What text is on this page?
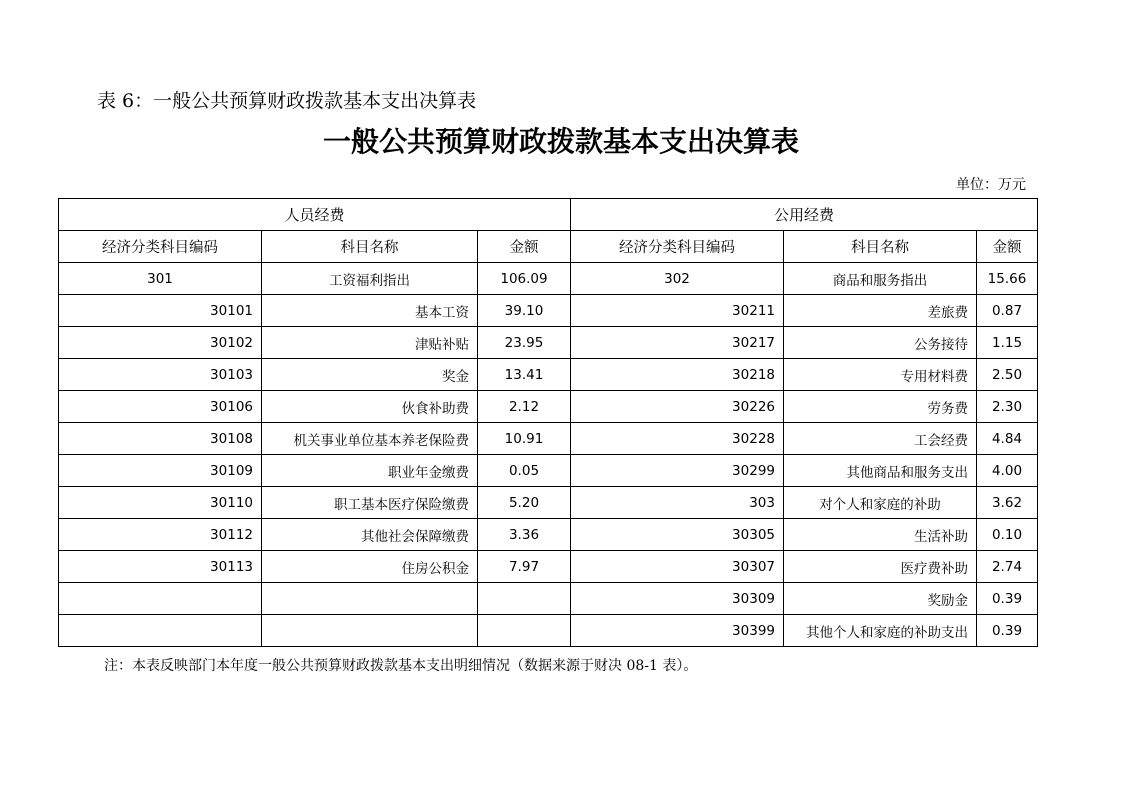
表 6：一般公共预算财政拨款基本支出决算表
一般公共预算财政拨款基本支出决算表
单位：万元
人员经费			公用经费		
经济分类科目编码	科目名称	金额	经济分类科目编码	科目名称	金额
301	工资福利指出	106.09	302	商品和服务指出	15.66
30101	基本工资	39.10	30211	差旅费	0.87
30102	津贴补贴	23.95	30217	公务接待	1.15
30103	奖金	13.41	30218	专用材料费	2.50
30106	伙食补助费	2.12	30226	劳务费	2.30
30108	机关事业单位基本养老保险费	10.91	30228	工会经费	4.84
30109	职业年金缴费	0.05	30299	其他商品和服务支出	4.00
30110	职工基本医疗保险缴费	5.20	303	对个人和家庭的补助	3.62
30112	其他社会保障缴费	3.36	30305	生活补助	0.10
30113	住房公积金	7.97	30307	医疗费补助	2.74
			30309	奖励金	0.39
			30399	其他个人和家庭的补助支出	0.39
注：本表反映部门本年度一般公共预算财政拨款基本支出明细情况（数据来源于财决 08-1 表）。
